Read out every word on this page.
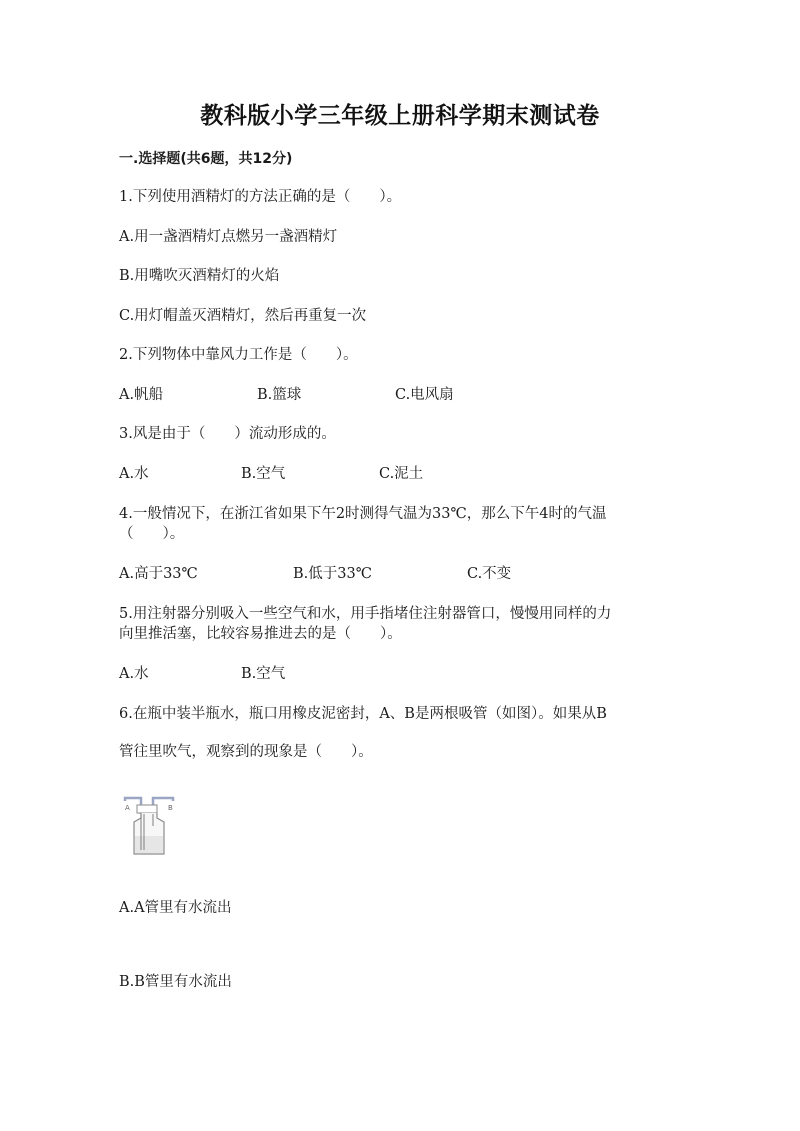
教科版小学三年级上册科学期末测试卷
一.选择题(共6题，共12分)
1.下列使用酒精灯的方法正确的是（　　）。
A.用一盏酒精灯点燃另一盏酒精灯
B.用嘴吹灭酒精灯的火焰
C.用灯帽盖灭酒精灯，然后再重复一次
2.下列物体中靠风力工作是（　　）。
A.帆船	B.篮球	C.电风扇
3.风是由于（　　）流动形成的。
A.水	B.空气	C.泥土
4.一般情况下，在浙江省如果下午2时测得气温为33℃，那么下午4时的气温
（　　）。
A.高于33℃	B.低于33℃	C.不变
5.用注射器分别吸入一些空气和水，用手指堵住注射器管口，慢慢用同样的力
向里推活塞，比较容易推进去的是（　　）。
A.水	B.空气
6.在瓶中装半瓶水，瓶口用橡皮泥密封，A、B是两根吸管（如图）。如果从B
管往里吹气，观察到的现象是（　　）。
A	B
A.A管里有水流出
B.B管里有水流出
